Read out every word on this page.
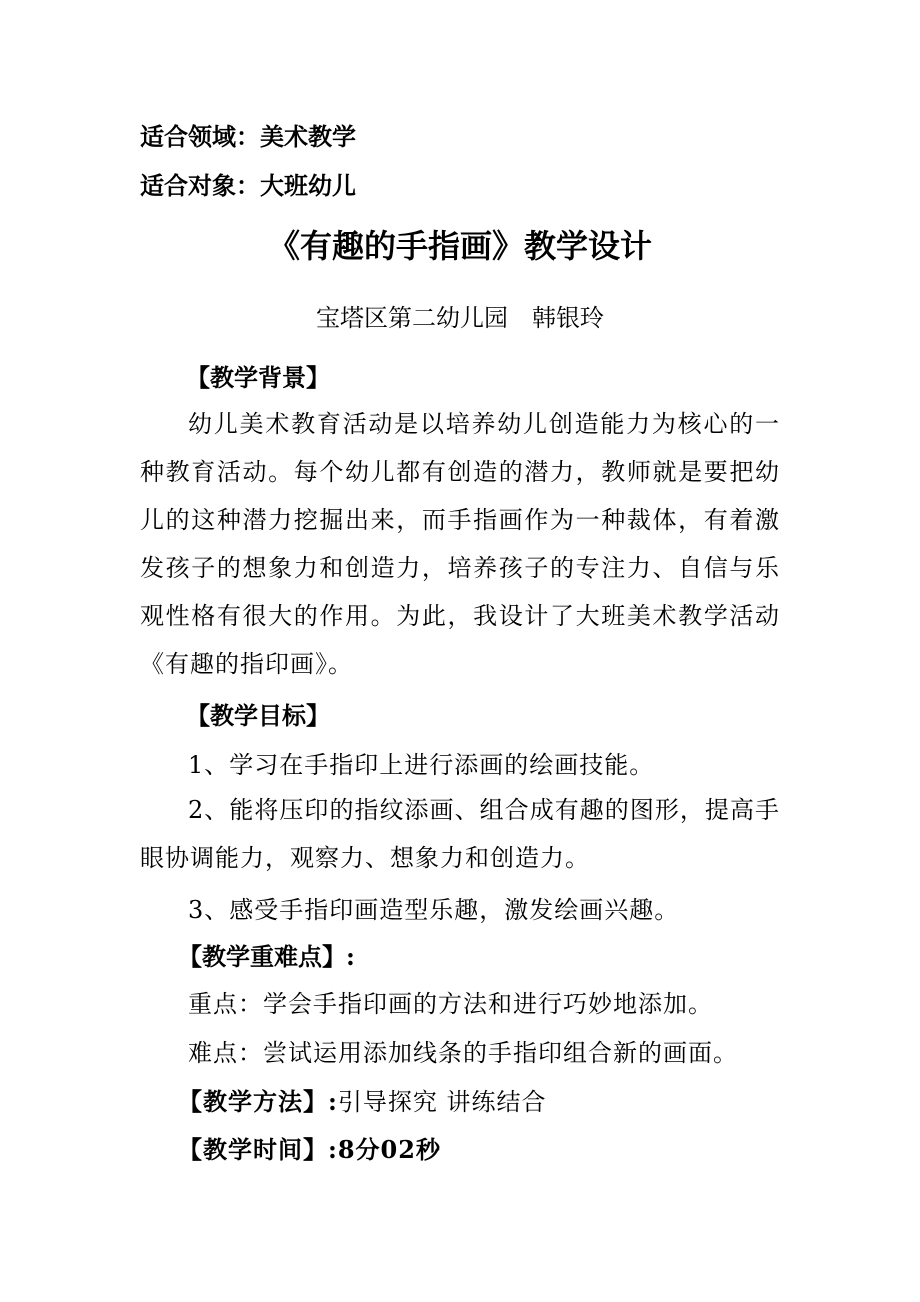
适合领域：美术教学
适合对象：大班幼儿
《有趣的手指画》教学设计
宝塔区第二幼儿园　韩银玲
【教学背景】
幼儿美术教育活动是以培养幼儿创造能力为核心的一种教育活动。每个幼儿都有创造的潜力，教师就是要把幼儿的这种潜力挖掘出来，而手指画作为一种裁体，有着激发孩子的想象力和创造力，培养孩子的专注力、自信与乐观性格有很大的作用。为此，我设计了大班美术教学活动《有趣的指印画》。
【教学目标】
1、学习在手指印上进行添画的绘画技能。
2、能将压印的指纹添画、组合成有趣的图形，提高手眼协调能力，观察力、想象力和创造力。
3、感受手指印画造型乐趣，激发绘画兴趣。
【教学重难点】:
重点：学会手指印画的方法和进行巧妙地添加。
难点：尝试运用添加线条的手指印组合新的画面。
【教学方法】:引导探究 讲练结合
【教学时间】:8分02秒
